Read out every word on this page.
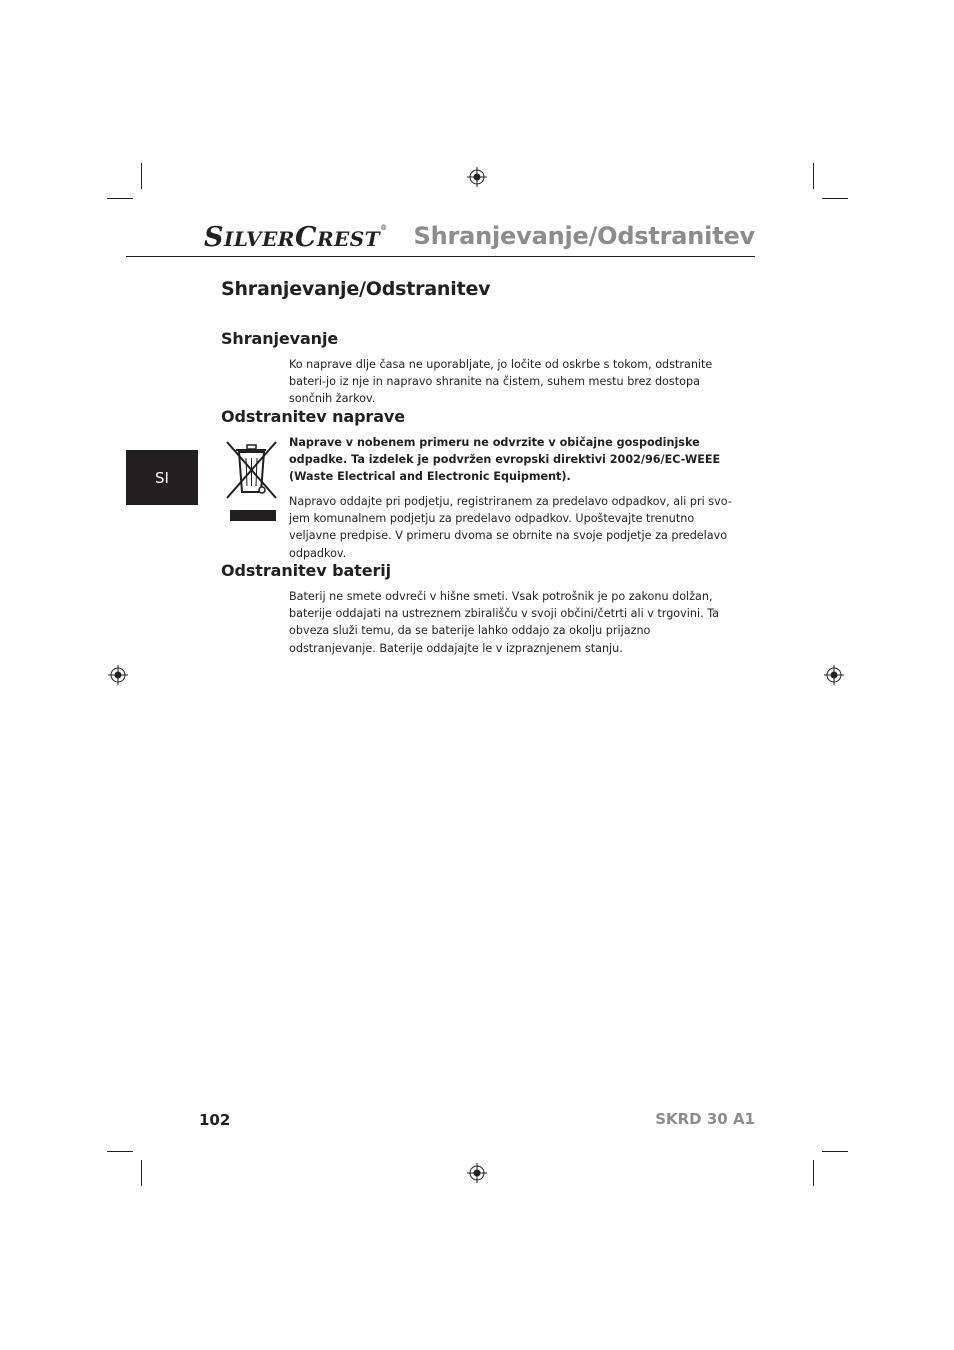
SILVERCREST® Shranjevanje/Odstranitev
SI
Shranjevanje/Odstranitev
Shranjevanje

Ko naprave dlje časa ne uporabljate, jo ločite od oskrbe s tokom, odstranite bateri-jo iz nje in napravo shranite na čistem, suhem mestu brez dostopa sončnih žarkov.

Odstranitev naprave

Naprave v nobenem primeru ne odvrzite v običajne gospodinjske odpadke. Ta izdelek je podvržen evropski direktivi 2002/96/EC-WEEE (Waste Electrical and Electronic Equipment).

Napravo oddajte pri podjetju, registriranem za predelavo odpadkov, ali pri svo-jem komunalnem podjetju za predelavo odpadkov. Upoštevajte trenutno veljavne predpise. V primeru dvoma se obrnite na svoje podjetje za predelavo odpadkov.

Odstranitev baterij

Baterij ne smete odvreči v hišne smeti. Vsak potrošnik je po zakonu dolžan, baterije oddajati na ustreznem zbirališču v svoji občini/četrti ali v trgovini. Ta obveza služi temu, da se baterije lahko oddajo za okolju prijazno odstranjevanje. Baterije oddajajte le v izpraznjenem stanju.

102	SKRD 30 A1
